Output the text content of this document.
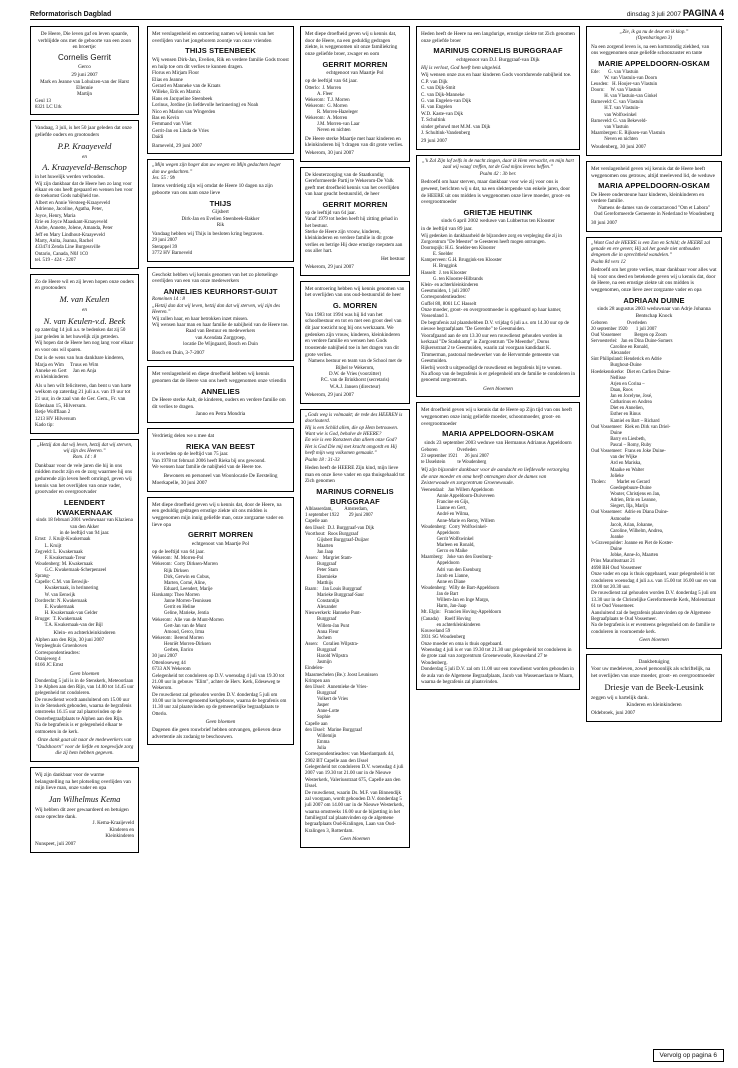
Reformatorisch Dagblad	dinsdag 3 juli 2007 PAGINA 4

De Heere, Die leven gaf en leven spaarde, verblijdde ons met de geboorte van een zoon en broertje:

Cornelis Gerrit

Gerco

29 juni 2007

Mark en Jeanne van Lohuizen-van der Harst
Ellennie
Martijn
Geul 13
8321 LC Urk

Vandaag, 3 juli, is het 50 jaar geleden dat onze geliefde ouders en grootouders

P.P. Kraayeveld

en

A. Kraayeveld-Benschop

in het huwelijk werden verbonden.
Wij zijn dankbaar dat de Heere hen zo lang voor elkaar en ons heeft gespaard en wensen hen voor de toekomst Gods nabijheid toe.
Albert en Annie Versteeg-Kraayeveld
Adrienne, Jacoline, Agatha, Peter,
Joyce, Henry, Maria
Erie en Joyce Maaskant-Kraayeveld
Andre, Annette, Jolene, Amanda, Peter
Jeff en Mary Lindhout-Kraayeveld
Marty, Anita, Joanna, Rachel
433474 Zenda Line Burgessville
Ontario, Canada, N0J 1C0
tel. 519 - 424 - 2207

Zo de Heere wil en zij leven hopen onze ouders en grootouders

M. van Keulen

en

N. van Keulen-v.d. Beek

op zaterdag 14 juli a.s. te bedenken dat zij 50 jaar geleden in het huwelijk zijn getreden.
Wij hopen dat de Heere hen nog lang voor elkaar en voor ons wil sparen.

Dat is de wens van hun dankbare kinderen,

Marja en Wim     Truus en Wim
Anneke en Gert     Jan en Anja
en kleinkinderen

Als u hen wilt feliciteren, dan bent u van harte welkom op zaterdag 21 juli a.s. van 19 uur tot 21 uur, in de zaal van de Ger. Gem., Fr. van Edenlaan 15, Hilversum.

Betje Wolfflaan 2
1213 HV Hilversum
Kado tip:
„Hetzij dan dat wij leven, hetzij dat wij sterven, wij zijn des Heeren.”
Rom. 14 : 8

Dankbaar voor de vele jaren die hij in ons midden mocht zijn en de zorg waarmee hij ons gedurende zijn leven heeft omringd, geven wij kennis van het overlijden van onze vader, grootvader en overgrootvader

LEENDERT KWAKERNAAK

sinds 18 februari 2001 weduwnaar van Klaziena van den Akker
in de leeftijd van 94 jaar.
Ernst:  J. Kruijt-Kwakernaak
L. Kruijt
Zegveld: L. Kwakernaak
F. Kwakernaak-Treur
Woudenberg: M. Kwakernaak
G.C. Kwakernaak-Scherpenzeel
Sprang-
Capelle: C.M. van Eenwijk-
Kwakernaak, in herinnering
W. van Eenwijk
Dordrecht: N. Kwakernaak
E. Kwakernaak
H. Kwakernaak-van Gelder
Brugge:  T. Kwakernaak
T.A. Kwakernaak-van der Bijl

Klein- en achterkleinkinderen

Alphen aan den Rijn, 30 juni 2007
Verpleeghuis Groenhoven
Correspondentieadres:
Oranjeweg 4
8166 JC Emst

Geen bloemen

Donderdag 5 juli is in de Stenskerk, Meteoorlaan 3 te Alphen aan den Rijn, van 14.00 tot 14.45 uur gelegenheid tot condoleren.
De rouwdienst wordt aansluitend om 15.00 uur in de Stenskerk gehouden, waarna de begrafenis omstreeks 16.15 uur zal plaatsvinden op de Oosterbegraafplaats te Alphen aan den Rijn.
Na de begrafenis is er gelegenheid elkaar te ontmoeten in de kerk.

Onze dank gaat uit naar de medewerkers van "Oudshoorn" voor de liefde en toegewijde zorg die zij hem hebben gegeven.

Wij zijn dankbaar voor de warme belangstelling na het plotseling overlijden van mijn lieve man, onze vader en opa

Jan Wilhelmus Kema

Wij hebben dit zeer gewaardeerd en betuigen onze oprechte dank.

J. Kema-Kraaijeveld
Kinderen en
Kleinkinderen

Nunspeet, juli 2007

Met verslagenheid en ontroering namen wij kennis van het overlijden van het jongeborem zoontje van onze vrienden

THIJS STEENBEEK

Wij wensen Dirk-Jan, Evelien, Rik en verdere familie Gods troost en hulp toe om dit verlies te kunnen dragen.

Florus en Mirjam Floor
Elias en Jeanne
Gerard en Manneke van de Kraats
Willeke, Erik en Marnix
Hans en Jacqueline Steenbeek
Lorinus, Jordine (in liefdevolle herinnering) en Noah
Nico en Marion van Wingerden
Bas en Kevin
Femmand van Vliet
Gerrit-Jan en Linda de Vries
Daïdi

Barneveld, 29 juni 2007

„Mijn wegen zijn hoger dan uw wegen en Mijn gedachten hoger dan uw gedachten.”
Jes. 55 : 9b

Intens verdrietig zijn wij omdat de Heere 10 dagen na zijn geboorte van ons nam onze lieve

THIJS

Gijsbert

Dirk-Jan en Evelien Steenbeek-Bakker
Rik

Vandaag hebben wij Thijs in besloten kring begraven.

29 juni 2007
Sterappel 39
3772 HV Barneveld

Geschokt hebben wij kennis genomen van het zo plotselinge overlijden van een van onze medewerkers

ANNELIES KEURHORST-GUIJT

Romeinen 14 : 8
„Hetzij dan dat wij leven, hetzij dan dat wij sterven, wij zijn des Heeren.”
Wij zullen haar, en haar betrokken inzet missen.
Wij wensen haar man en haar familie de nabijheid van de Heere toe.
Raad van Bestuur en medewerkers
van Acendata Zorggroep,
locatie De Wijngaard, Bosch en Duin

Bosch en Duin, 3-7-2007

Met verslagenheid en diepe droefheid hebben wij kennis genomen dat de Heere van ons heeft weggenomen onze vriendin

ANNELIES

De Heere sterke Aalt, de kinderen, ouders en verdere familie om dit verlies te dragen.

Janno en Petra Mondria

Verdrietig delen we u mee dat

RIEKA VAN BEEST

is overleden op de leeftijd van 75 jaar.
Van 1978 tot februari 2006 heeft Rieka bij ons gewoond.
We wensen haar familie de nabijheid van de Heere toe.

Bewoners en personeel van Woonlocatie De Eersteling

Moerkapelle, 30 juni 2007

Met diepe droefheid geven wij u kennis dat, door de Heere, na een geduldig gedragen ernstige ziekte uit ons midden is weggenomen mijn innig geliefde man, onze zorgzame vader en lieve opa

GERRIT MORREN

echtgenoot van Maartje Pol

op de leeftijd van 64 jaar.

Wekerom:  M. Morren-Pol
Wekerom:  Corry Dirksen-Morren
Rijk Dirksen
Dirk, Gerwin en Cobus,
Marten, Corné, Aline,
Eduard, Leendert, Marije
Harskamp: Theo Morren
Janne Morren-Teunissen
Gerrit en Heline
Geline, Marieke, Jentia
Wekerom:  Alie van de Munt-Morren
Gert-Jan van de Munt
Arnoud, Gerco, Irma
Wekerom:  Berend Morren
Henriët Morren-Dirksen
Gerben, Enrico
30 juni 2007
Ottenloseweg 44
6733 AN Wekerom
Gelegenheid tot condoleren op D.V. woensdag 4 juli van 19.30 tot 21.00 uur in gebouw "Elim", achter de Herv. Kerk, Edeseweg te Wekerom.
De rouwdienst zal gehouden worden D.V. donderdag 5 juli om 10.00 uur in bovengenoemd kerkgebouw, waarna de begrafenis om 11.30 uur zal plaatsvinden op de gemeentelijke begraafplaats te Otterlo.

Geen bloemen

Dagenen die geen rouwbrief hebben ontvangen, gelieven deze advertentie als zodanig te beschouwen.

Met diepe droefheid geven wij u kennis dat, door de Heere, na een geduldig gedragen ziekte, is weggenomen uit onze familiekring onze geliefde broer, zwager en oom

GERRIT MORREN

echtgenoot van Maartje Pol

op de leeftijd van 64 jaar.

Otterlo:  J. Morren
A. Fleer
Wekerom:  T.J. Morren
Wekerom:  G. Morren
R. Morren-Hazeleger
Wekerom:  A. Morren
J.M. Morren-van Laar
Neven en nichten

De Heere sterke Maartje met haar kinderen en kleinkinderen bij 't dragen van dit grote verlies.

Wekerom, 30 juni 2007

De kleuterzorging van de Staatkundig Gereformeerde Partij te Wekerom-De Valk geeft met droefheid kennis van het overlijden van haar geacht bestuurslid, de heer

GERRIT MORREN

op de leeftijd van 64 jaar.
Vanaf 1979 tot heden heeft hij zitting gehad in het bestuur.
Sterke de Heere zijn vrouw, kinderen, kleinkinderen en verdere familie in dit grote verlies en betrige Hij deze ernstige roepstem aan ons aller hart.

Het bestuur

Wekerom, 29 juni 2007

Met ontroering hebben wij kennis genomen van het overlijden van ons oud-bestuurslid de heer

G. MORREN

Van 1983 tot 1994 was hij lid van het schoolbestuur en tot en met een groot deel van dit jaar toezicht nog bij ons werkzaam. We gedenken zijn vrouw, kinderen, kleinkinderen en verdere familie en wensen hen Gods troostende nabijheid toe in het dragen van dit grote verlies.

Namens bestuur en team van de School met de Bijbel te Wekerom,
D.W. de Vries (voorzitter)
P.C. van de Brinkhorst (secretaris)
W.A.J. Jansen (directeur)

Wekerom, 29 juni 2007

„Gods weg is volmaakt; de rede des HEEREN is doorlouterd.
Hij is een Schild allen, die op Hem betrouwen.
Want wie is God, behalve de HEERE?
En wie is een Rotssteen dan alleen onze God?
Het is God Die mij met kracht omgordt en Hij heeft mijn weg volkomen gemaakt.”
Psalm 18 : 31-33

Heden heeft de HEERE Zijn kind, mijn lieve man en onze lieve vader en opa thuisgehaald tot Zich genomen

MARINUS CORNELIS BURGGRAAF

Alblasserdam,          Amsterdam,
1 september 1922        29 juni 2007
Capelle aan
den IJssel:  D.J. Burggraaf-van Dijk
Voorthout:  Roos Burggraaf
Gijsbert Burggraaf-Duijzer
Maarten
Jan Jaap
Assen:    Margriet Stam-
Burggraaf
Peter Stam
Elsemieke
Matthijs
Baarn:    Jan Louis Burggraaf
Marieke Burggraaf-Saur
Constantijn
Alexander
Nieuwerkerk: Hanneke Punt-
Burggraaf
Willem-Jan Punt
Anna Fleur
Jochem
Assen:    Coralien Wilpstra-
Burggraaf
Harold Wilpstra
Jasmijn
Eindelen-
Maasmechelen (Be.): Joost Leunissen
Krimpen aan
den IJssel:  Annemieke de Vries-
Burggraaf
Volkert de Vries
Jasper
Anne-Lotte
Sophie
Capelle aan
den IJssel:  Marine Burggraaf
Willemijn
Emma
Julia
Correspondentieadres: van Maerlantpark 44, 2902 BT Capelle aan den IJssel
Gelegenheid tot condoleren D.V. woensdag 4 juli 2007 van 19.30 tot 21.00 uur in de Nieuwe Westerkerk, Valeriusstraat 675, Capelle aan den IJssel.
De rouwdienst, waarin Ds. M.F. van Binnendijk zal voorgaan, wordt gehouden D.V. donderdag 5 juli 2007 om 14.00 uur in de Nieuwe Westerkerk, waarna omstreeks 16.00 uur de bijzetting in het familiegraf zal plaatsvinden op de algemene begraafplaats Oud-Kralingen, Laan van Oud-Kralingen 3, Rotterdam.

Geen bloemen

Heden heeft de Heere na een langdurige, ernstige ziekte tot Zich genomen onze geliefde broer

MARINUS CORNELIS BURGGRAAF

echtgenoot van D.J. Burggraaf-van Dijk

Hij is verlost, God heeft hem uitgeleid.

Wij wensen onze zus en haar kinderen Gods voortdurende nabijheid toe.

C.P. van Dijk
C. van Dijk-Smit
C. van Dijk-Manneke
G. van Engelen-van Dijk
H. van Engelen
W.D. Kaste-van Dijk
T. Schultink
sinder gehuwd met M.M. van Dijk
J. Schultink-Vandenberg

29 juni 2007

„'k Zal Zijn lof zelfs in de nacht zingen, daar ik Hem verwacht, en mijn hart zaal wij waag' treffen, tot de God mijns levens heffen.”
Psalm 42 : 3b ber.

Bedroefd om haar sterven, maar dankbaar voor wie zij voor ons is geweest, berichten wij u dat, na een slekterpende van enkele jaren, door de HEERE uit ons midden is weggenomen onze lieve moeder, groot- en overgrootmoeder

GRIETJE HEUTINK

sinds 6 april 2002 weduwe van Lubbertus ten Klooster

in de leeftijd van 89 jaar.

Wij gedenken in dankbaarheid de bijzondere zorg en verpleging die zij in Zorgcentrum "De Meester" te Geesteren heeft mogen ontvangen.
Doornspijk: H.G. Snelder-ten Klooster
E. Snelder
Kamperveen: G.H. Bruggink-ten Klooster
H. Bruggink
Hasselt:  J. ten Klooster
G. ten Klooster-Hilbrands
Klein- en achterkleinkinderen
Geesmuiden, 1 juli 2007
Correspondentieadres:
Guffel 80, 8061 LC Hasselt
Onze moeder, groot- en overgrootmoeder is opgebaard op haar kamer, Vossenland 3.
De begrafenis zal plaatshebben D.V. vrijdag 6 juli a.s. om 14.30 uur op de nieuwe begraafplaats "De Gerenhe" te Geesmuiden.
Voorafgaand aan de om 13.30 uur een rouwdienst gehouden worden in kerkzaal "De Stadskamp" in Zorgcentrum "De Meenthe", Dorus Rijkersstraat 2 te Geesmuiden, waarin zal voorgaan kandidaat K. Timmerman, pastoraal medewerker van de Hervormde gemeente van Geesmuiden.
Hierbij wordt u uitgenodigd de rouwdienst en begrafenis bij te wonen.
Na afloop van de begrafenis is er gelegenheid om de familie te condoleren in genoemd zorgcentrum.

Geen bloemen

Met droefheid geven wij u kennis dat de Heere op Zijn tijd van ons heeft weggenomen onze innig geliefde moeder, schoonmoeder, groot- en overgrootmoeder

MARIA APPELDOORN-OSKAM

sinds 23 september 2003 weduwe van Hermanus Adrianus Appeldoorn

Geboren                Overleden
23 september 1921      26 juni 2007
te IJsselstein          te Woudenberg

Wij zijn bijzonder dankbaar voor de aandacht en liefdevolle verzorging die onze moeder en oma heeft ontvangen door de dames van Zeisterwoude en zorgcentrum Groenewoude.

Veenendaal:   Jan Willem Appeldoorn
Annie Appeldoorn-Duiveveen
Francine en Gijs,
Lianne en Gert,
André en Wilma,
Anne-Marie en Remy, Willem
Woudenberg:  Corry Wolfswinkel-
Appeldoorn
Gerrit Wolfswinkel
Marleen en Ronald,
Gerco en Maike
Maarnberg:   Joke van den Esenburg-
Appeldoorn
Adri van den Esenburg
Jacob en Lianne,
Anne en Diane
Woudenberg:  Willy de Bart-Appeldoorn
Jan de Bart
Willem-Jan en Inge Margo,
Harm, Jan-Jaap
Mt. Elgin:   Francien Hoving-Appeldoorn
(Canada)     Roelf Hoving
en achterkleinkinderen
Kouweland 59
3931 SG Woudenberg
Onze moeder en oma is thuis opgebaard.
Woensdag 4 juli is er van 19.30 tot 21.30 uur gelegenheid tot condoleren in de grote zaal van zorgcentrum Groenewoude, Kouweland 27 te Woudenberg.
Donderdag 5 juli D.V. zal om 11.00 uur een rouwdienst worden gehouden in de aula van de Algemene Begraafplaats, Jacob van Wassenaerlaan te Maarn, waarna de begrafenis zal plaatsvinden.
„Zie, ik ga nu de deur en ik klop.”
(Openbaringen 3)

Na een zorgend leven is, na een kortstondig ziekbed, van ons weggenomen onze geliefde schoonzuster en tante

MARIE APPELDOORN-OSKAM

Ede:       G. van Vlastuin
W. van Vlastuin-van Doorn
Leusden:   H. Hoojer-van Vlastuin
Doorn:     W. van Vlastuin
H. van Vlastuin-van Ginkel
Barneveld: C. van Vlastuin
H.T. van Vlastuin-
van Wolfswinkel
Barneveld: G. van Bekeveld-
van Vlastuin
Maarnbergen: E. Rijksen-van Vlastuin
Neven en nichten

Woudenberg, 30 juni 2007

Met verslagenheid geven wij kennis dat de Heere heeft weggenomen ons getrouw, altijd meelevend lid, de weduwe

MARIA APPELDOORN-OSKAM

De Heere ondersteune haar kinderen, kleinkinderen en verdere familie.

Namens de dames van de contactavond "Om et Labora"
Oud Gereformeerde Gemeente in Nederland te Woudenberg

30 juni 2007

„Want God de HEERE is een Zon en Schild; de HEERE zal genade en ere geven; Hij zal het goede niet onthouden dengenen die in oprechtheid wandelen.”
Psalm 84 vers 12

Bedroefd om het grote verlies, maar dankbaar voor alles wat hij voor ons deed en betekende geven wij u kennis dat, door de Heere, na een ernstige ziekte uit ons midden is weggenomen, onze lieve zeer zorgzame vader en opa

ADRIAAN DUINE

sinds 28 augustus 2003 weduwnaar van Adrje Johanna Bentschap Knock

Geboren                Overleden
20 september 1920       1 juli 2007
Oud Vossemeer           Bergen op Zoom
Servoesterlei:   Jan en Dina Duine-Somers
Caroline en Ronald,
Alexander
Sint Philipsland: Henderick en Adrie
Burghout-Duine
Hoedekenskerke:  Diet en Carlien Duine-
Nellisse
Arjen en Corina –
Daan, Roos
Jan en Jocelyne, José,
Catharinus en Andrea
Diet en Annelien,
Esther en Rinus
Kamiel en Bart – Richard
Oud Vossemeer:  Riek en Dirk van Driel-
Duine
Barry en Liesbeth,
Pascal – Romy, Ruby
Oud Vossemeer:  Frans en Joke Duine-
van der Wijke
Ard en Mariska,
Maaike en Walter
Jolieke
Tholen:         Marlet en Gerard
Goedegebuure-Duine
Wouter, Christjens en Jan,
Adrien, Brin en Leanne,
Siegert, Ilja, Marijn
Oud Vossemeer:  Adrie en Diana Duine-
Asmoudse
Jacob, Arian, Johanne,
Caroline, Wilhelm, Andrea,
Joanke
's-Gravenpolder: Joanne en Piet de Koster-
Duine
Jobke, Anne-Jo, Maarten
Prins Mauritsstraat 21
4698 BH Oud Vossemeer
Onze vader en opa is thuis opgebaard, waar gelegenheid is tot condoleren woensdag 4 juli a.s. van 15.00 tot 16.00 uur en van 19.00 tot 20.30 uur.
De rouwdienst zal gehouden worden D.V. donderdag 5 juli om 13.30 uur in de Christelijke Gereformeerde Kerk, Molenstraat 61 te Oud Vossemeer.
Aansluitend zal de begrafenis plaatsvinden op de Algemene Begraafplaats te Oud Vossemeer.
Na de begrafenis is er eventeens gelegenheid om de familie te condoleren in voornoemde kerk.

Geen bloemen

Dankbetuiging

Voor uw medeleven, zowel persoonlijk als schriftelijk, na het overlijden van onze moeder, groot- en overgrootmoeder

Driesje van de Beek-Leusink

zeggen wij u hartelijk dank.

Kinderen en kleinkinderen

Oldebroek, juni 2007

Vervolg op pagina 6
